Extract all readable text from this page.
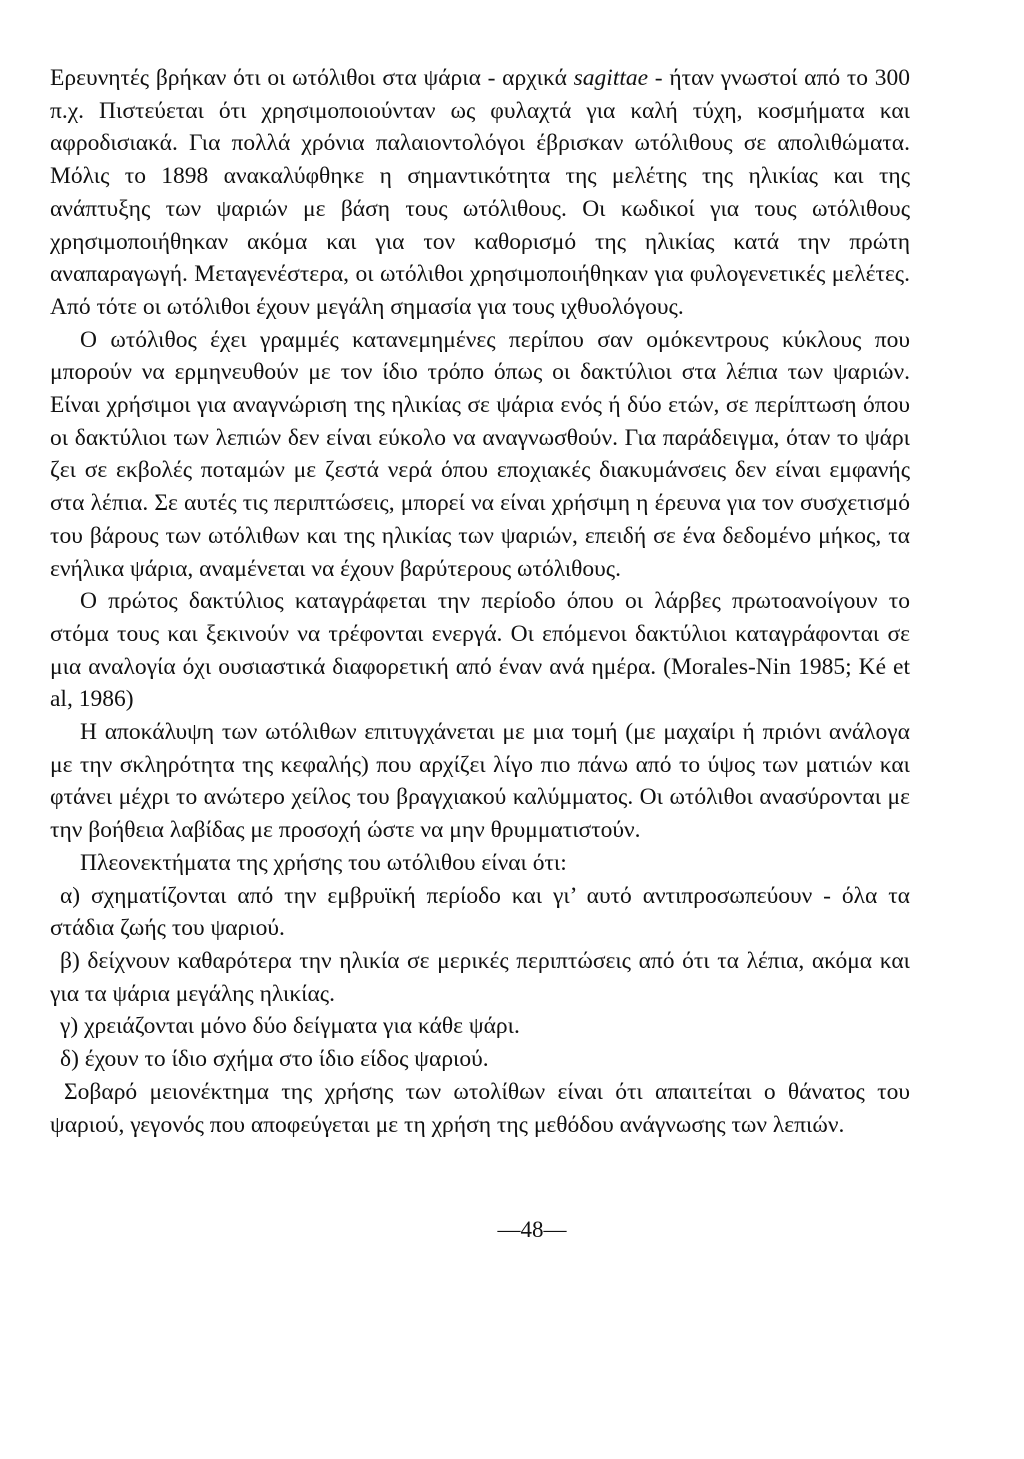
Ερευνητές βρήκαν ότι οι ωτόλιθοι στα ψάρια - αρχικά sagittae - ήταν γνωστοί από το 300 π.χ. Πιστεύεται ότι χρησιμοποιούνταν ως φυλαχτά για καλή τύχη, κοσμήματα και αφροδισιακά. Για πολλά χρόνια παλαιοντολόγοι έβρισκαν ωτόλιθους σε απολιθώματα. Μόλις το 1898 ανακαλύφθηκε η σημαντικότητα της μελέτης της ηλικίας και της ανάπτυξης των ψαριών με βάση τους ωτόλιθους. Οι κωδικοί για τους ωτόλιθους χρησιμοποιήθηκαν ακόμα και για τον καθορισμό της ηλικίας κατά την πρώτη αναπαραγωγή. Μεταγενέστερα, οι ωτόλιθοι χρησιμοποιήθηκαν για φυλογενετικές μελέτες. Από τότε οι ωτόλιθοι έχουν μεγάλη σημασία για τους ιχθυολόγους.

Ο ωτόλιθος έχει γραμμές κατανεμημένες περίπου σαν ομόκεντρους κύκλους που μπορούν να ερμηνευθούν με τον ίδιο τρόπο όπως οι δακτύλιοι στα λέπια των ψαριών. Είναι χρήσιμοι για αναγνώριση της ηλικίας σε ψάρια ενός ή δύο ετών, σε περίπτωση όπου οι δακτύλιοι των λεπιών δεν είναι εύκολο να αναγνωσθούν. Για παράδειγμα, όταν το ψάρι ζει σε εκβολές ποταμών με ζεστά νερά όπου εποχιακές διακυμάνσεις δεν είναι εμφανής στα λέπια. Σε αυτές τις περιπτώσεις, μπορεί να είναι χρήσιμη η έρευνα για τον συσχετισμό του βάρους των ωτόλιθων και της ηλικίας των ψαριών, επειδή σε ένα δεδομένο μήκος, τα ενήλικα ψάρια, αναμένεται να έχουν βαρύτερους ωτόλιθους.

Ο πρώτος δακτύλιος καταγράφεται την περίοδο όπου οι λάρβες πρωτοανοίγουν το στόμα τους και ξεκινούν να τρέφονται ενεργά. Οι επόμενοι δακτύλιοι καταγράφονται σε μια αναλογία όχι ουσιαστικά διαφορετική από έναν ανά ημέρα. (Morales-Nin 1985; Ké et al, 1986)

Η αποκάλυψη των ωτόλιθων επιτυγχάνεται με μια τομή (με μαχαίρι ή πριόνι ανάλογα με την σκληρότητα της κεφαλής) που αρχίζει λίγο πιο πάνω από το ύψος των ματιών και φτάνει μέχρι το ανώτερο χείλος του βραγχιακού καλύμματος. Οι ωτόλιθοι ανασύρονται με την βοήθεια λαβίδας με προσοχή ώστε να μην θρυμματιστούν.

Πλεονεκτήματα της χρήσης του ωτόλιθου είναι ότι:

α) σχηματίζονται από την εμβρυϊκή περίοδο και γι’ αυτό αντιπροσωπεύουν - όλα τα στάδια ζωής του ψαριού.

β) δείχνουν καθαρότερα την ηλικία σε μερικές περιπτώσεις από ότι τα λέπια, ακόμα και για τα ψάρια μεγάλης ηλικίας.

γ) χρειάζονται μόνο δύο δείγματα για κάθε ψάρι.

δ) έχουν το ίδιο σχήμα στο ίδιο είδος ψαριού.

Σοβαρό μειονέκτημα της χρήσης των ωτολίθων είναι ότι απαιτείται ο θάνατος του ψαριού, γεγονός που αποφεύγεται με τη χρήση της μεθόδου ανάγνωσης των λεπιών.

—48—
